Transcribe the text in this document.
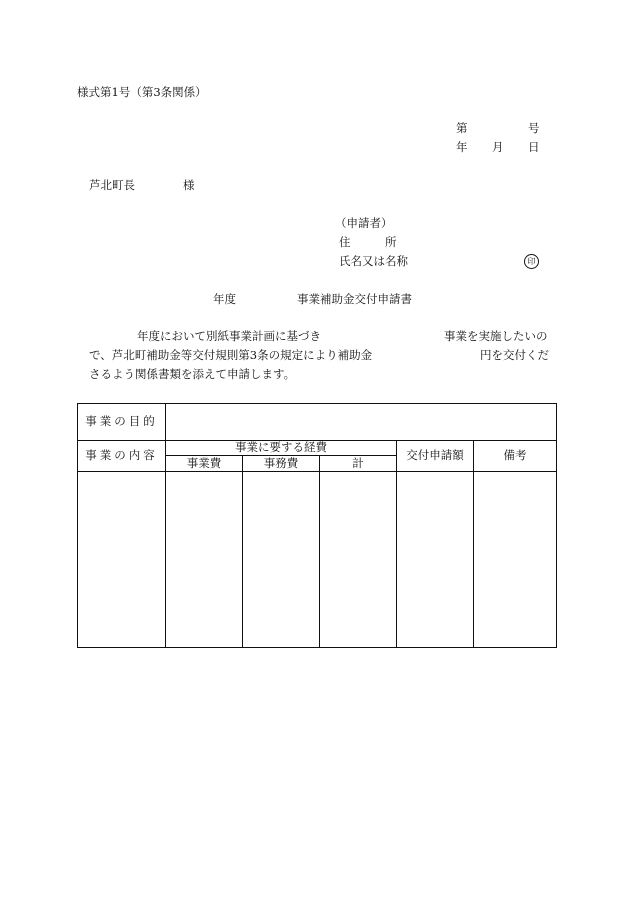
様式第1号（第3条関係）
第	号
年 月 日
芦北町長	様
（申請者）
住　　　所
氏名又は名称	印
年度	事業補助金交付申請書
年度において別紙事業計画に基づき	事業を実施したいの
で、芦北町補助金等交付規則第3条の規定により補助金	円を交付くだ
さるよう関係書類を添えて申請します。
事業の目的					
事業の内容	事業に要する経費			交付申請額	備考
	事業費	事務費	計		
